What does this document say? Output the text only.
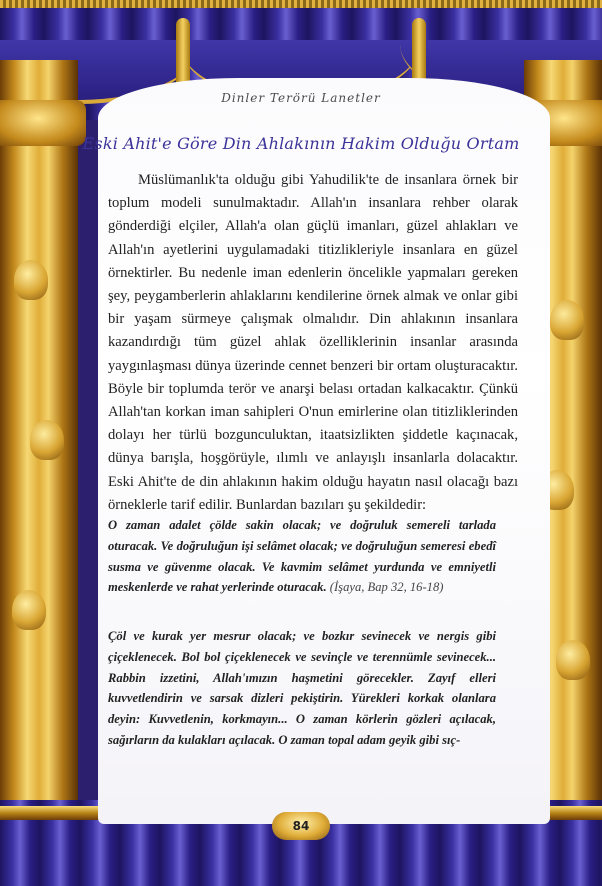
Dinler Terörü Lanetler
Eski Ahit'e Göre Din Ahlakının Hakim Olduğu Ortam

Müslümanlık'ta olduğu gibi Yahudilik'te de insanlara örnek bir toplum modeli sunulmaktadır. Allah'ın insanlara rehber olarak gönderdiği elçiler, Allah'a olan güçlü imanları, güzel ahlakları ve Allah'ın ayetlerini uygulamadaki titizlikleriyle insanlara en güzel örnektirler. Bu nedenle iman edenlerin öncelikle yapmaları gereken şey, peygamberlerin ahlaklarını kendilerine örnek almak ve onlar gibi bir yaşam sürmeye çalışmak olmalıdır. Din ahlakının insanlara kazandırdığı tüm güzel ahlak özelliklerinin insanlar arasında yaygınlaşması dünya üzerinde cennet benzeri bir ortam oluşturacaktır. Böyle bir toplumda terör ve anarşi belası ortadan kalkacaktır. Çünkü Allah'tan korkan iman sahipleri O'nun emirlerine olan titizliklerinden dolayı her türlü bozgunculuktan, itaatsizlikten şiddetle kaçınacak, dünya barışla, hoşgörüyle, ılımlı ve anlayışlı insanlarla dolacaktır. Eski Ahit'te de din ahlakının hakim olduğu hayatın nasıl olacağı bazı örneklerle tarif edilir. Bunlardan bazıları şu şekildedir:

O zaman adalet çölde sakin olacak; ve doğruluk semereli tarlada oturacak. Ve doğruluğun işi selâmet olacak; ve doğruluğun semeresi ebedî susma ve güvenme olacak. Ve kavmim selâmet yurdunda ve emniyetli meskenlerde ve rahat yerlerinde oturacak. (İşaya, Bap 32, 16-18)
Çöl ve kurak yer mesrur olacak; ve bozkır sevinecek ve nergis gibi çiçeklenecek. Bol bol çiçeklenecek ve sevinçle ve terennümle sevinecek... Rabbin izzetini, Allah'ımızın haşmetini görecekler. Zayıf elleri kuvvetlendirin ve sarsak dizleri pekiştirin. Yürekleri korkak olanlara deyin: Kuvvetlenin, korkmayın... O zaman körlerin gözleri açılacak, sağırların da kulakları açılacak. O zaman topal adam geyik gibi sıç-
84
